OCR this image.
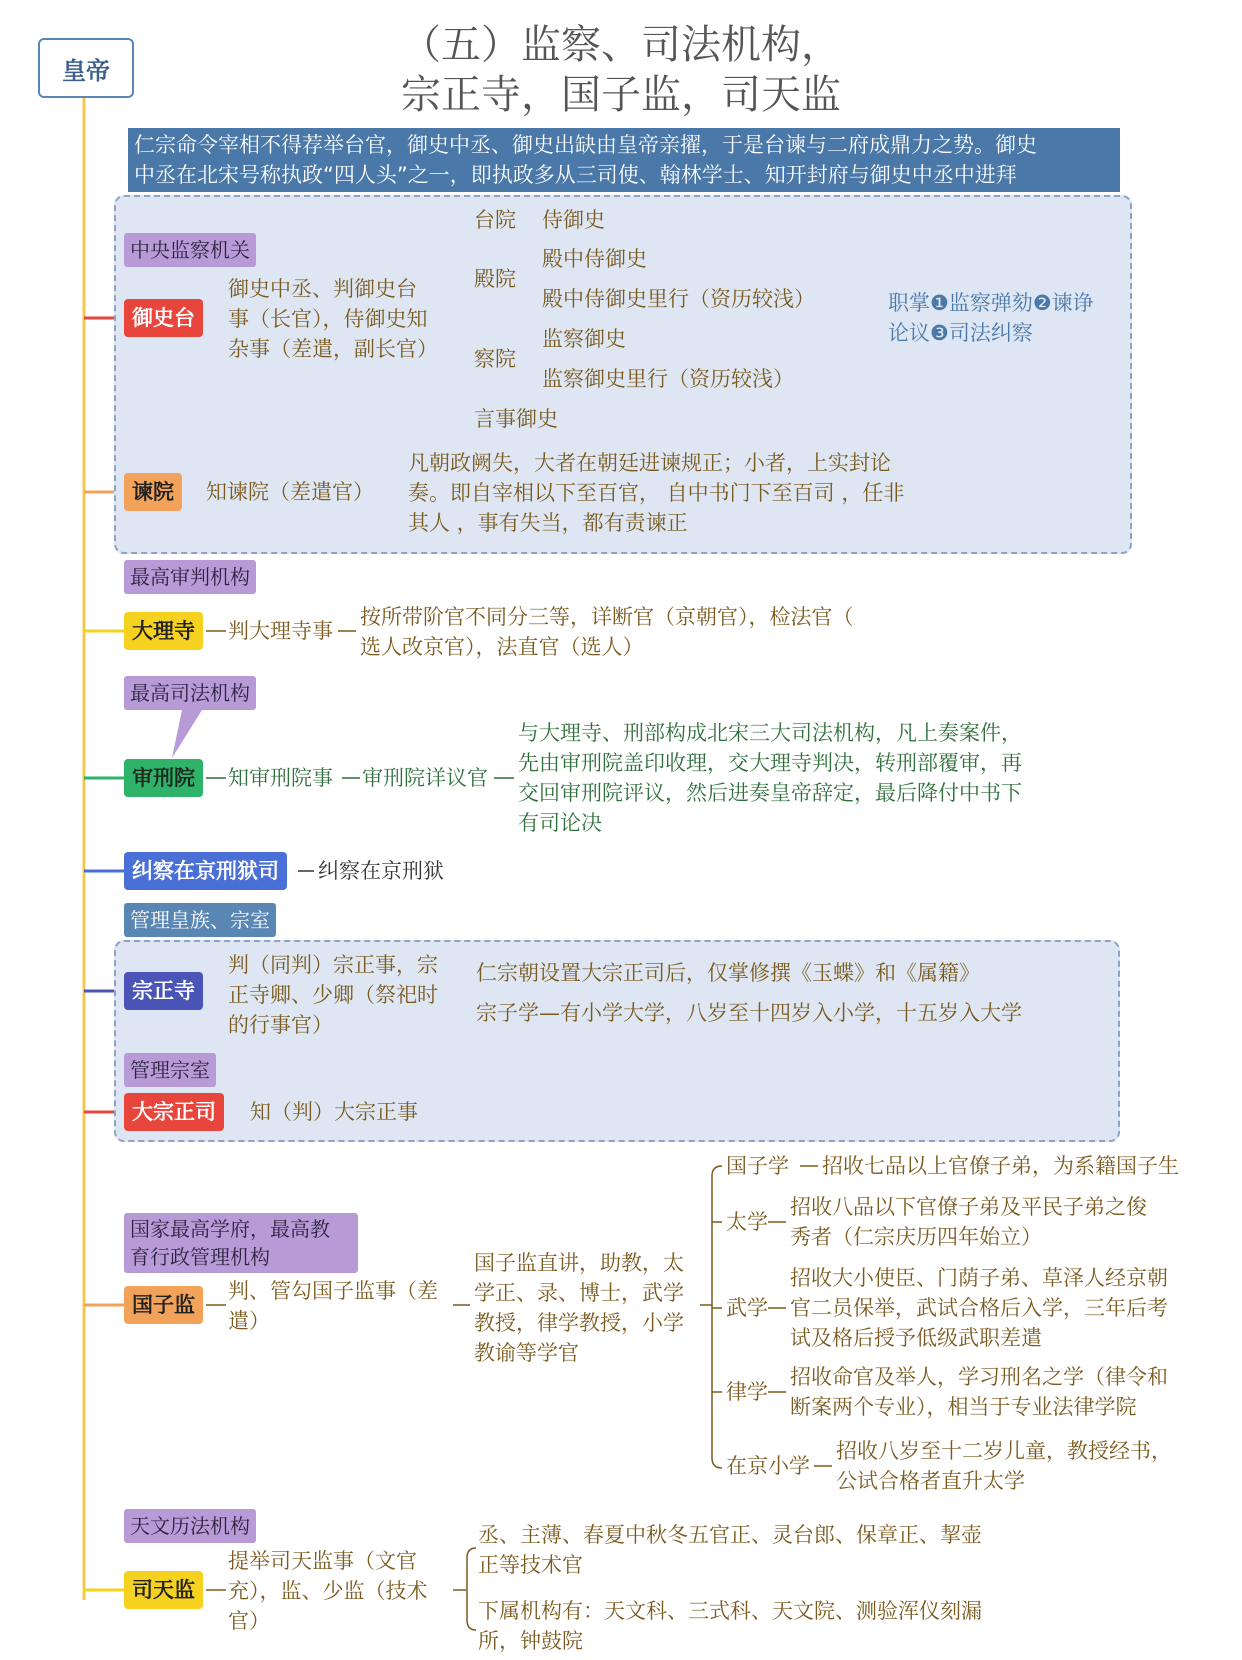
皇帝
（五）监察、司法机构，
宗正寺，国子监，司天监
仁宗命令宰相不得荐举台官，御史中丞、御史出缺由皇帝亲擢，于是台谏与二府成鼎力之势。御史
中丞在北宋号称执政“四人头”之一，即执政多从三司使、翰林学士、知开封府与御史中丞中进拜
中央监察机关
御史台
御史中丞、判御史台
事（长官），侍御史知
杂事（差遣，副长官）
台院 侍御史
殿院
殿中侍御史
殿中侍御史里行（资历较浅）
察院
监察御史
监察御史里行（资历较浅）
言事御史
职掌❶监察弹劾❷谏诤
论议❸司法纠察
谏院	知谏院（差遣官）
凡朝政阙失，大者在朝廷进谏规正；小者，上实封论
奏。即自宰相以下至百官， 自中书门下至百司 ，任非
其人 ，事有失当，都有责谏正
最高审判机构
大理寺	判大理寺事
按所带阶官不同分三等，详断官（京朝官），检法官（
选人改京官），法直官（选人）
最高司法机构
审刑院	知审刑院事 审刑院详议官
与大理寺、刑部构成北宋三大司法机构，凡上奏案件，
先由审刑院盖印收理，交大理寺判决，转刑部覆审，再
交回审刑院评议，然后进奏皇帝辞定，最后降付中书下
有司论决
纠察在京刑狱司	纠察在京刑狱
管理皇族、宗室
宗正寺
判（同判）宗正事，宗
正寺卿、少卿（祭祀时
的行事官）
仁宗朝设置大宗正司后，仅掌修撰《玉蝶》和《属籍》
宗子学—有小学大学，八岁至十四岁入小学，十五岁入大学
管理宗室
大宗正司	知（判）大宗正事
国家最高学府，最高教
育行政管理机构
国子监
判、管勾国子监事（差
遣）
国子监直讲，助教，太
学正、录、博士，武学
教授，律学教授，小学
教谕等学官
国子学 招收七品以上官僚子弟，为系籍国子生
太学
招收八品以下官僚子弟及平民子弟之俊
秀者（仁宗庆历四年始立）
武学
招收大小使臣、门荫子弟、草泽人经京朝
官二员保举，武试合格后入学，三年后考
试及格后授予低级武职差遣
律学
招收命官及举人，学习刑名之学（律令和
断案两个专业），相当于专业法律学院
在京小学
招收八岁至十二岁儿童，教授经书，
公试合格者直升太学
天文历法机构
司天监
提举司天监事（文官
充），监、少监（技术
官）
丞、主薄、春夏中秋冬五官正、灵台郎、保章正、挈壶
正等技术官
下属机构有：天文科、三式科、天文院、测验浑仪刻漏
所，钟鼓院
